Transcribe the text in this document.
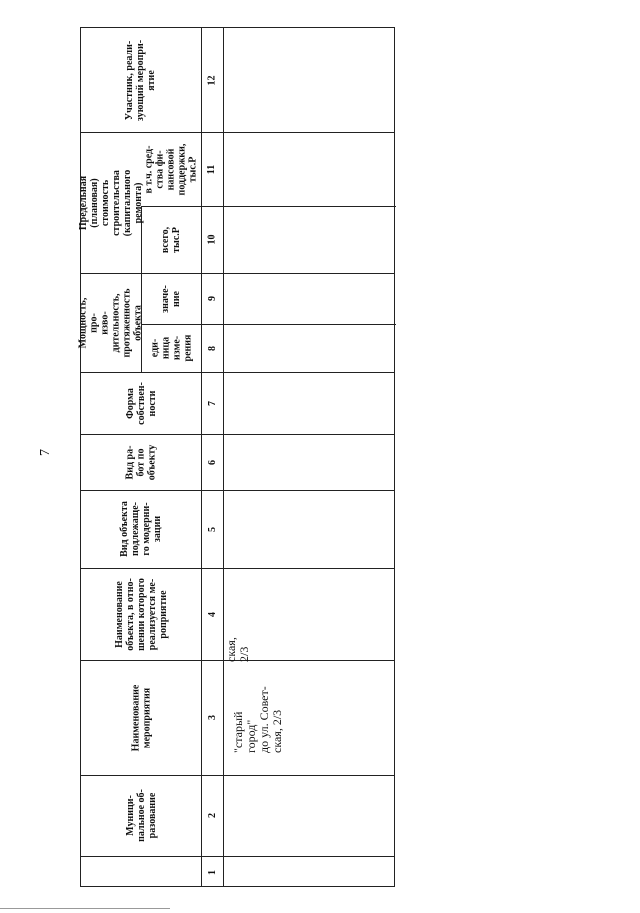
7
Муници-
пальное об-
разование
Наименование
мероприятия
Наименование
объекта, в отно-
шении которого
реализуется ме-
роприятие
Вид объекта
подлежаще-
го модерни-
зации
Вид ра-
бот по
объекту
Форма
собствен-
ности
Мощность, про-
изво-
дительность,
протяженность
объекта
еди-
ница
изме-
рения
значе-
ние
Предельная (плановая)
стоимость строительства
(капитального ремонта)
всего,
тыс.Р
в т.ч. сред-
ства фи-
нансовой
поддержки,
тыс.Р
Участник, реали-
зующий меропри-
ятие
1
2
3
4
5
6
7
8
9
10
11
12
"старый город"
до ул. Совет-
ская, 2/3
ская, 2/3
